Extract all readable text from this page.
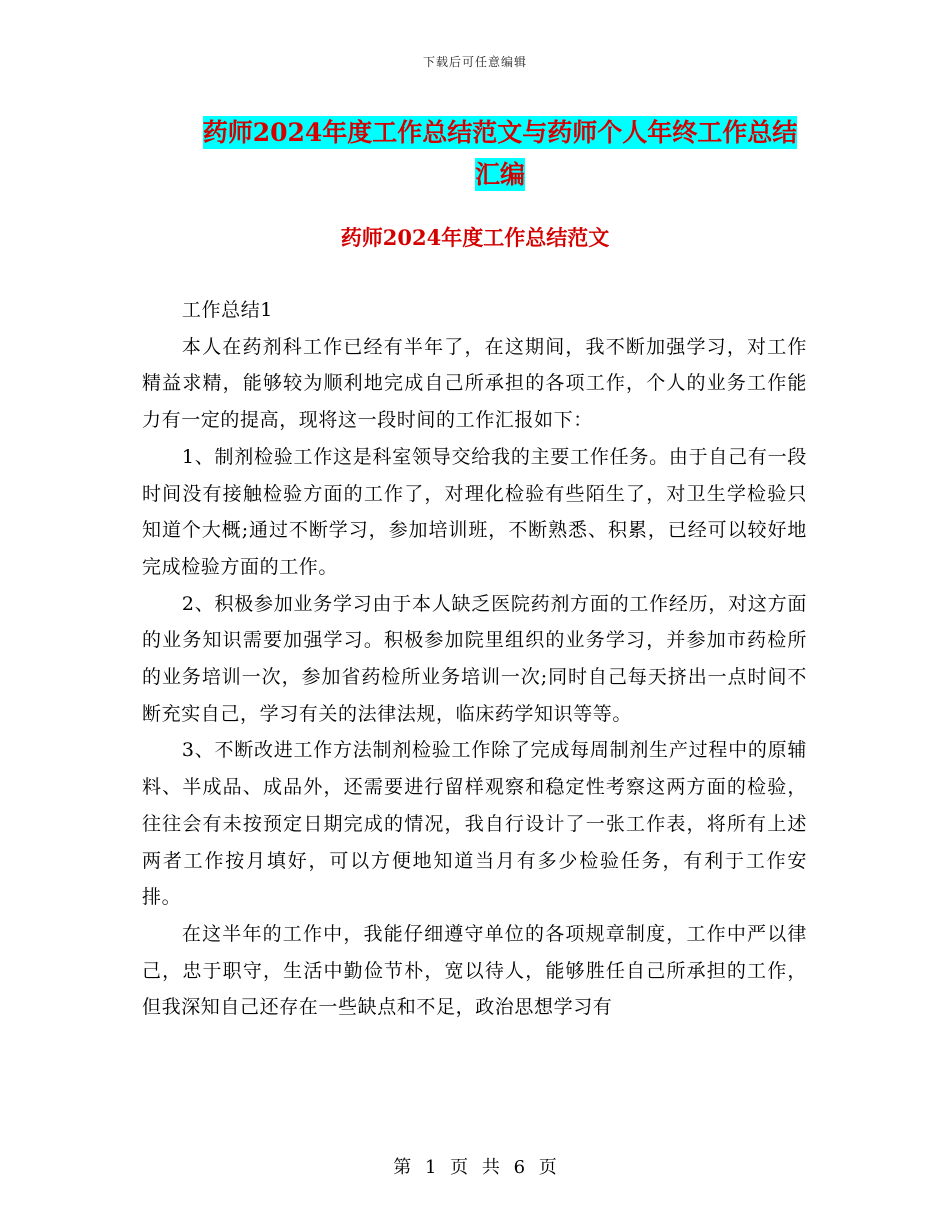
下载后可任意编辑
药师2024年度工作总结范文与药师个人年终工作总结
汇编
药师2024年度工作总结范文

工作总结1

本人在药剂科工作已经有半年了，在这期间，我不断加强学习，对工作精益求精，能够较为顺利地完成自己所承担的各项工作，个人的业务工作能力有一定的提高，现将这一段时间的工作汇报如下：

1、制剂检验工作这是科室领导交给我的主要工作任务。由于自己有一段时间没有接触检验方面的工作了，对理化检验有些陌生了，对卫生学检验只知道个大概;通过不断学习，参加培训班，不断熟悉、积累，已经可以较好地完成检验方面的工作。

2、积极参加业务学习由于本人缺乏医院药剂方面的工作经历，对这方面的业务知识需要加强学习。积极参加院里组织的业务学习，并参加市药检所的业务培训一次，参加省药检所业务培训一次;同时自己每天挤出一点时间不断充实自己，学习有关的法律法规，临床药学知识等等。

3、不断改进工作方法制剂检验工作除了完成每周制剂生产过程中的原辅料、半成品、成品外，还需要进行留样观察和稳定性考察这两方面的检验，往往会有未按预定日期完成的情况，我自行设计了一张工作表，将所有上述两者工作按月填好，可以方便地知道当月有多少检验任务，有利于工作安排。

在这半年的工作中，我能仔细遵守单位的各项规章制度，工作中严以律己，忠于职守，生活中勤俭节朴，宽以待人，能够胜任自己所承担的工作，但我深知自己还存在一些缺点和不足，政治思想学习有

第 1 页 共 6 页
